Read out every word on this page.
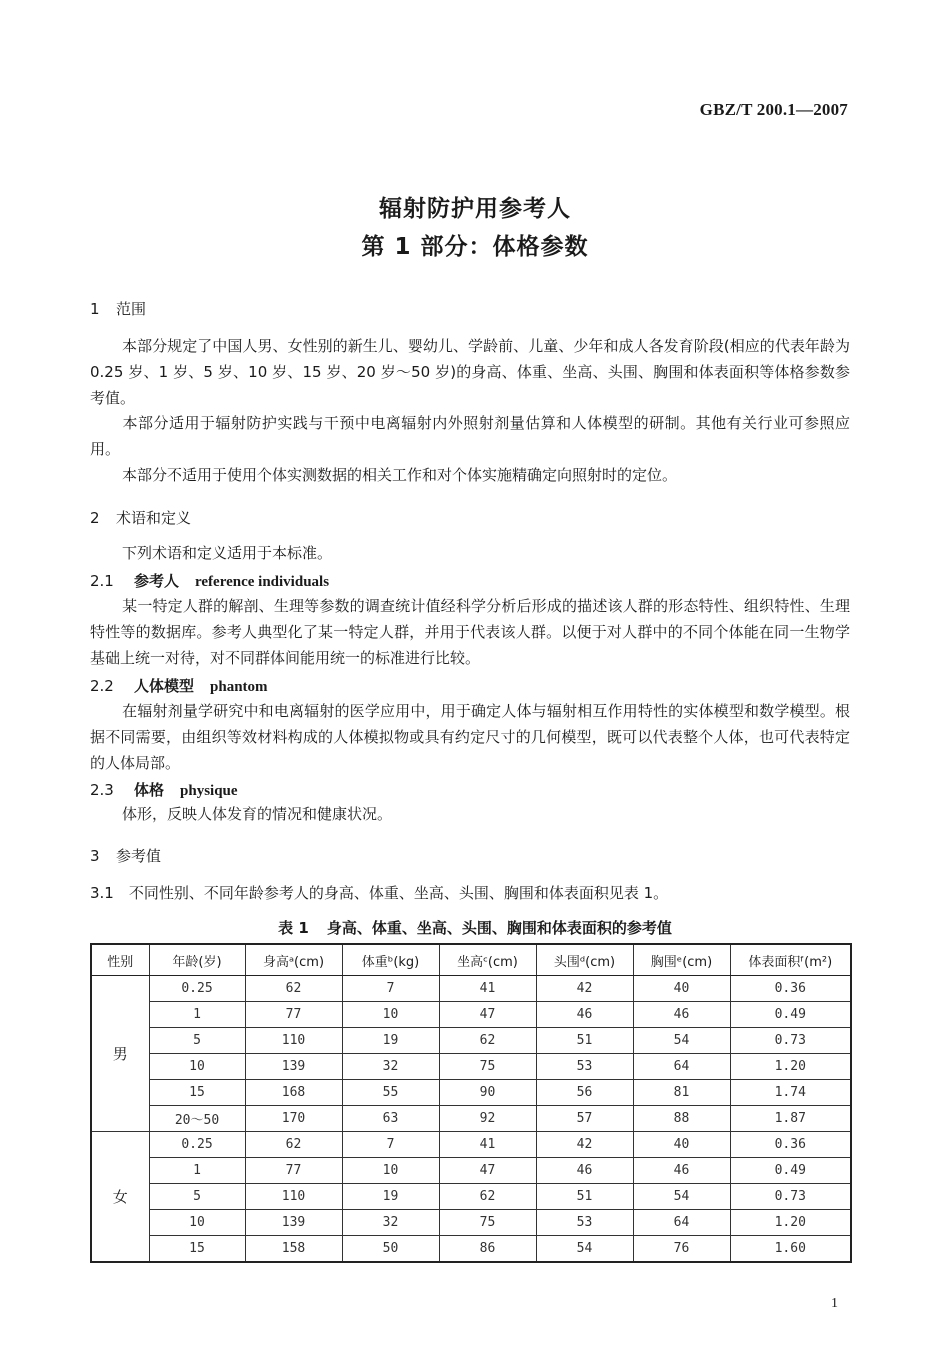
GBZ/T 200.1—2007
辐射防护用参考人
第 1 部分：体格参数
1 范围
本部分规定了中国人男、女性别的新生儿、婴幼儿、学龄前、儿童、少年和成人各发育阶段(相应的代表年龄为 0.25 岁、1 岁、5 岁、10 岁、15 岁、20 岁～50 岁)的身高、体重、坐高、头围、胸围和体表面积等体格参数参考值。
本部分适用于辐射防护实践与干预中电离辐射内外照射剂量估算和人体模型的研制。其他有关行业可参照应用。
本部分不适用于使用个体实测数据的相关工作和对个体实施精确定向照射时的定位。
2 术语和定义
下列术语和定义适用于本标准。
2.1 参考人 reference individuals
某一特定人群的解剖、生理等参数的调查统计值经科学分析后形成的描述该人群的形态特性、组织特性、生理特性等的数据库。参考人典型化了某一特定人群，并用于代表该人群。以便于对人群中的不同个体能在同一生物学基础上统一对待，对不同群体间能用统一的标准进行比较。
2.2 人体模型 phantom
在辐射剂量学研究中和电离辐射的医学应用中，用于确定人体与辐射相互作用特性的实体模型和数学模型。根据不同需要，由组织等效材料构成的人体模拟物或具有约定尺寸的几何模型，既可以代表整个人体，也可代表特定的人体局部。
2.3 体格 physique
体形，反映人体发育的情况和健康状况。
3 参考值
3.1　不同性别、不同年龄参考人的身高、体重、坐高、头围、胸围和体表面积见表 1。
表 1 身高、体重、坐高、头围、胸围和体表面积的参考值
性别	年龄(岁)	身高ᵃ(cm)	体重ᵇ(kg)	坐高ᶜ(cm)	头围ᵈ(cm)	胸围ᵉ(cm)	体表面积ᶠ(m²)
男	0.25	62	7	41	42	40	0.36
	1	77	10	47	46	46	0.49
	5	110	19	62	51	54	0.73
	10	139	32	75	53	64	1.20
	15	168	55	90	56	81	1.74
	20～50	170	63	92	57	88	1.87
女	0.25	62	7	41	42	40	0.36
	1	77	10	47	46	46	0.49
	5	110	19	62	51	54	0.73
	10	139	32	75	53	64	1.20
	15	158	50	86	54	76	1.60
1
